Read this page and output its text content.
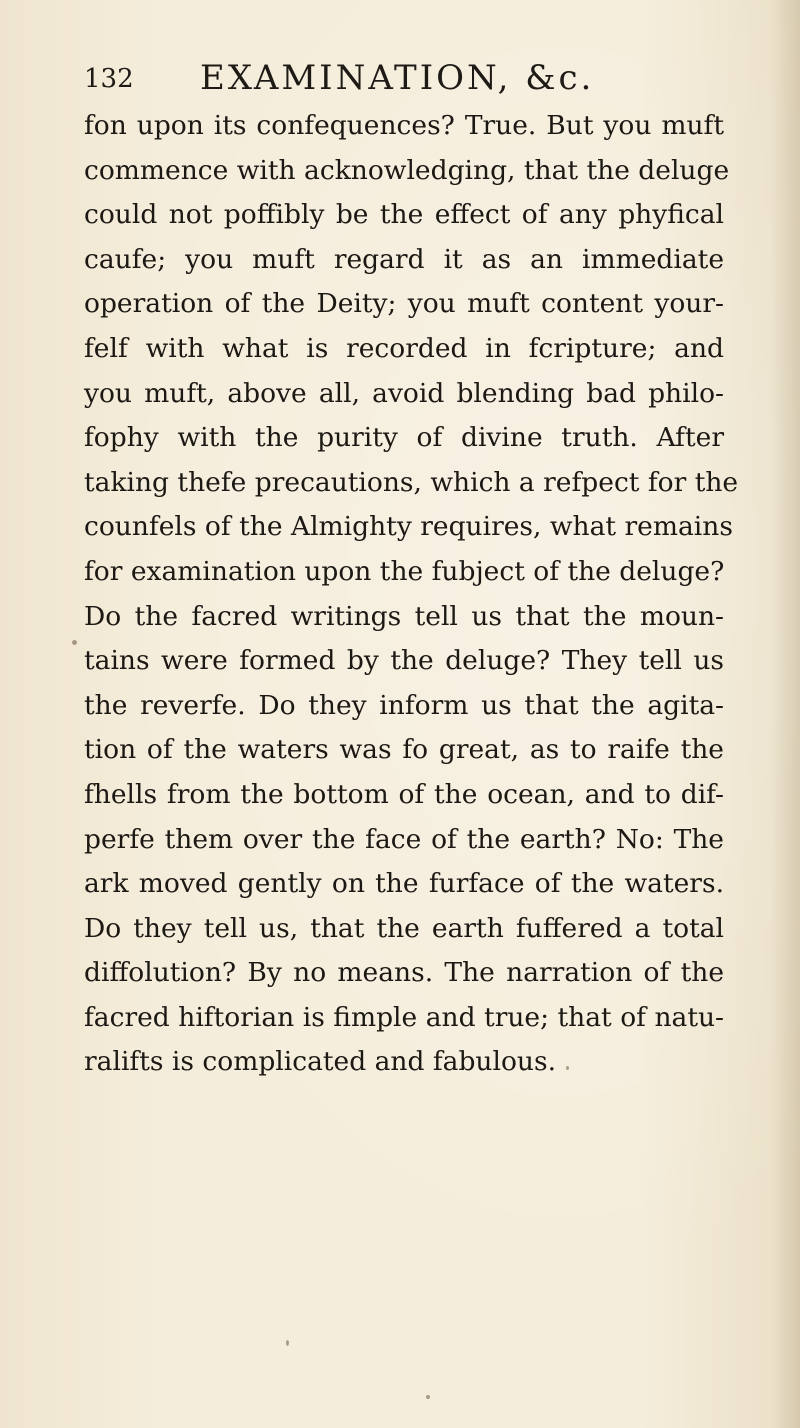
132 EXAMINATION, &c.
fon upon its confequences? True. But you muft
commence with acknowledging, that the deluge
could not poffibly be the effect of any phyfical
caufe; you muft regard it as an immediate
operation of the Deity; you muft content your-
felf with what is recorded in fcripture; and
you muft, above all, avoid blending bad philo-
fophy with the purity of divine truth. After
taking thefe precautions, which a refpect for the
counfels of the Almighty requires, what remains
for examination upon the fubject of the deluge?
Do the facred writings tell us that the moun-
tains were formed by the deluge? They tell us
the reverfe. Do they inform us that the agita-
tion of the waters was fo great, as to raife the
fhells from the bottom of the ocean, and to dif-
perfe them over the face of the earth? No: The
ark moved gently on the furface of the waters.
Do they tell us, that the earth fuffered a total
diffolution? By no means. The narration of the
facred hiftorian is fimple and true; that of natu-
ralifts is complicated and fabulous.
